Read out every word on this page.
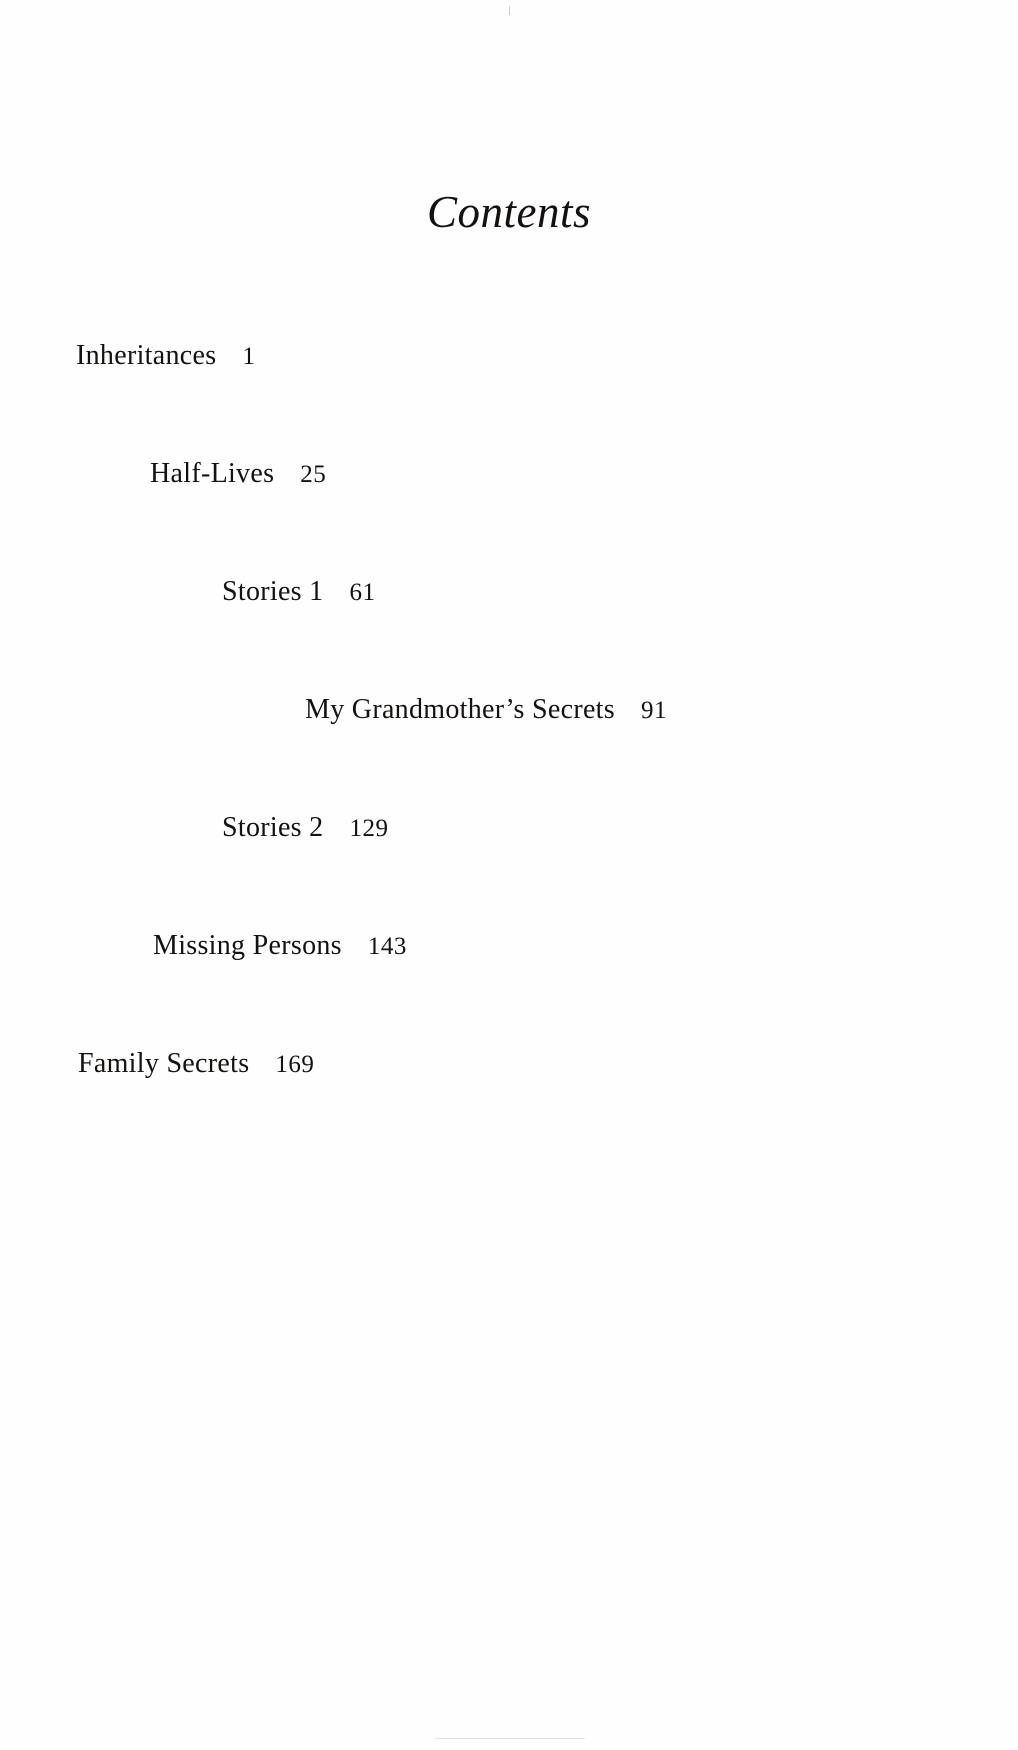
Contents
Inheritances 1
Half-Lives 25
Stories 1 61
My Grandmother’s Secrets 91
Stories 2 129
Missing Persons 143
Family Secrets 169
